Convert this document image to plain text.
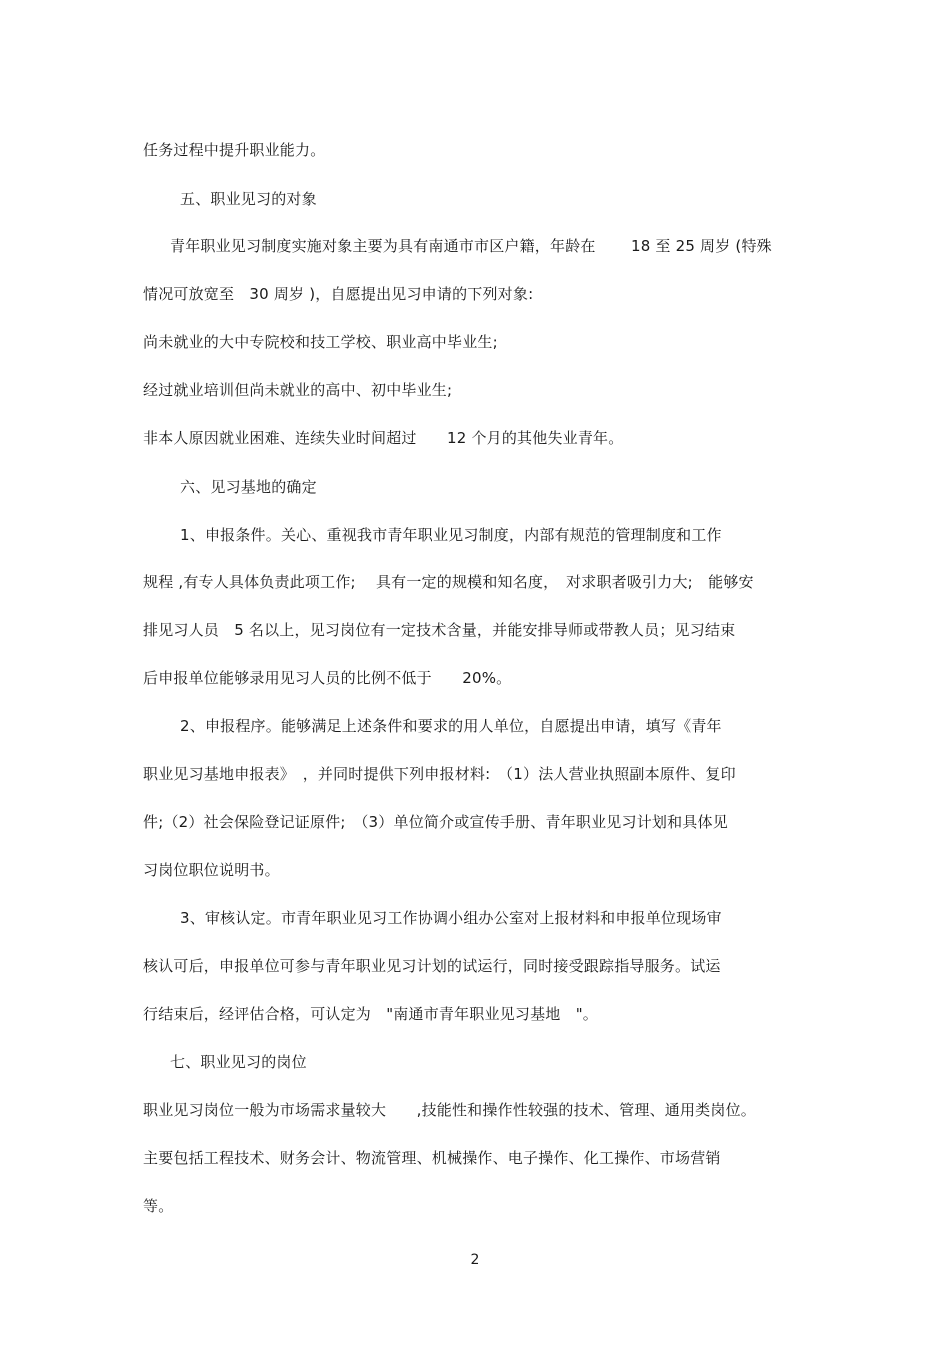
任务过程中提升职业能力。
五、职业见习的对象
青年职业见习制度实施对象主要为具有南通市市区户籍，年龄在　　 18 至 25 周岁 (特殊
情况可放宽至　30 周岁 )，自愿提出见习申请的下列对象:
尚未就业的大中专院校和技工学校、职业高中毕业生;
经过就业培训但尚未就业的高中、初中毕业生;
非本人原因就业困难、连续失业时间超过　　12 个月的其他失业青年。
六、见习基地的确定
1、申报条件。关心、重视我市青年职业见习制度，内部有规范的管理制度和工作
规程 ,有专人具体负责此项工作;　 具有一定的规模和知名度，　对求职者吸引力大;　能够安
排见习人员　5 名以上，见习岗位有一定技术含量，并能安排导师或带教人员；见习结束
后申报单位能够录用见习人员的比例不低于　　20%。
2、申报程序。能够满足上述条件和要求的用人单位，自愿提出申请，填写《青年
职业见习基地申报表》　，并同时提供下列申报材料:　（1）法人营业执照副本原件、复印
件;（2）社会保险登记证原件;　（3）单位简介或宣传手册、青年职业见习计划和具体见
习岗位职位说明书。
3、审核认定。市青年职业见习工作协调小组办公室对上报材料和申报单位现场审
核认可后，申报单位可参与青年职业见习计划的试运行，同时接受跟踪指导服务。试运
行结束后，经评估合格，可认定为　"南通市青年职业见习基地　"。
七、职业见习的岗位
职业见习岗位一般为市场需求量较大　　,技能性和操作性较强的技术、管理、通用类岗位。
主要包括工程技术、财务会计、物流管理、机械操作、电子操作、化工操作、市场营销
等。
2
